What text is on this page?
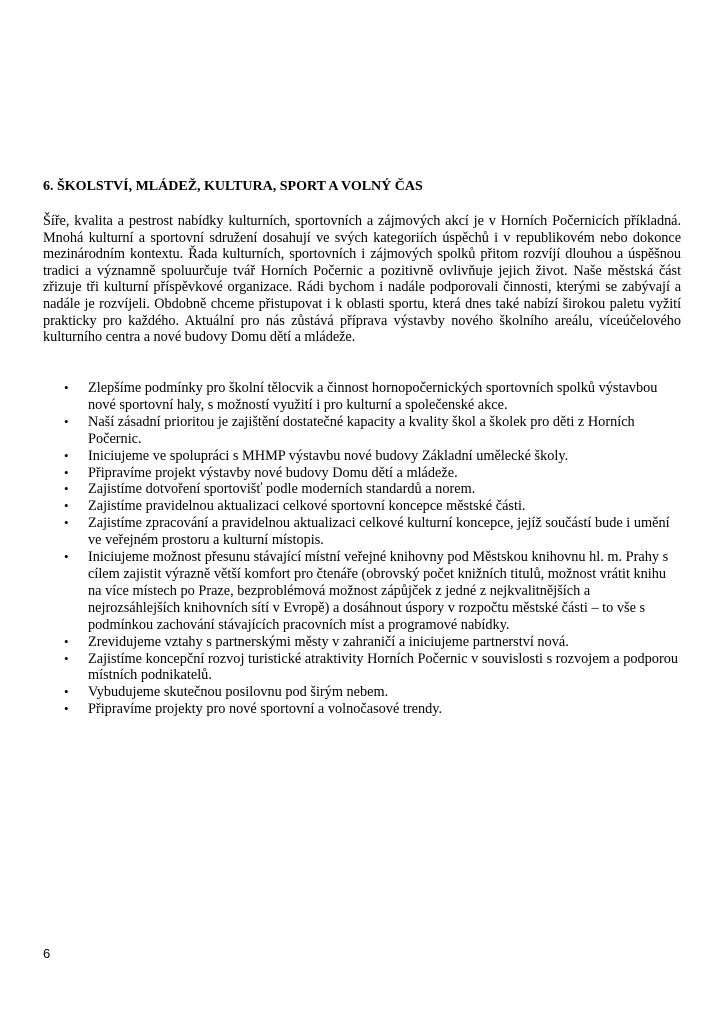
6. ŠKOLSTVÍ, MLÁDEŽ, KULTURA, SPORT A VOLNÝ ČAS

Šíře, kvalita a pestrost nabídky kulturních, sportovních a zájmových akcí je v Horních Počernicích příkladná. Mnohá kulturní a sportovní sdružení dosahují ve svých kategoriích úspěchů i v republikovém nebo dokonce mezinárodním kontextu. Řada kulturních, sportovních i zájmových spolků přitom rozvíjí dlouhou a úspěšnou tradici a významně spoluurčuje tvář Horních Počernic a pozitivně ovlivňuje jejich život. Naše městská část zřizuje tři kulturní příspěvkové organizace. Rádi bychom i nadále podporovali činnosti, kterými se zabývají a nadále je rozvíjeli. Obdobně chceme přistupovat i k oblasti sportu, která dnes také nabízí širokou paletu vyžití prakticky pro každého. Aktuální pro nás zůstává příprava výstavby nového školního areálu, víceúčelového kulturního centra a nové budovy Domu dětí a mládeže.

• Zlepšíme podmínky pro školní tělocvik a činnost hornopočernických sportovních spolků výstavbou nové sportovní haly, s možností využití i pro kulturní a společenské akce.
• Naší zásadní prioritou je zajištění dostatečné kapacity a kvality škol a školek pro děti z Horních Počernic.
• Iniciujeme ve spolupráci s MHMP výstavbu nové budovy Základní umělecké školy.
• Připravíme projekt výstavby nové budovy Domu dětí a mládeže.
• Zajistíme dotvoření sportovišť podle moderních standardů a norem.
• Zajistíme pravidelnou aktualizaci celkové sportovní koncepce městské části.
• Zajistíme zpracování a pravidelnou aktualizaci celkové kulturní koncepce, jejíž součástí bude i umění ve veřejném prostoru a kulturní místopis.
• Iniciujeme možnost přesunu stávající místní veřejné knihovny pod Městskou knihovnu hl. m. Prahy s cílem zajistit výrazně větší komfort pro čtenáře (obrovský počet knižních titulů, možnost vrátit knihu na více místech po Praze, bezproblémová možnost zápůjček z jedné z nejkvalitnějších a nejrozsáhlejších knihovních sítí v Evropě) a dosáhnout úspory v rozpočtu městské části – to vše s podmínkou zachování stávajících pracovních míst a programové nabídky.
• Zrevidujeme vztahy s partnerskými městy v zahraničí a iniciujeme partnerství nová.
• Zajistíme koncepční rozvoj turistické atraktivity Horních Počernic v souvislosti s rozvojem a podporou místních podnikatelů.
• Vybudujeme skutečnou posilovnu pod širým nebem.
• Připravíme projekty pro nové sportovní a volnočasové trendy.
6
